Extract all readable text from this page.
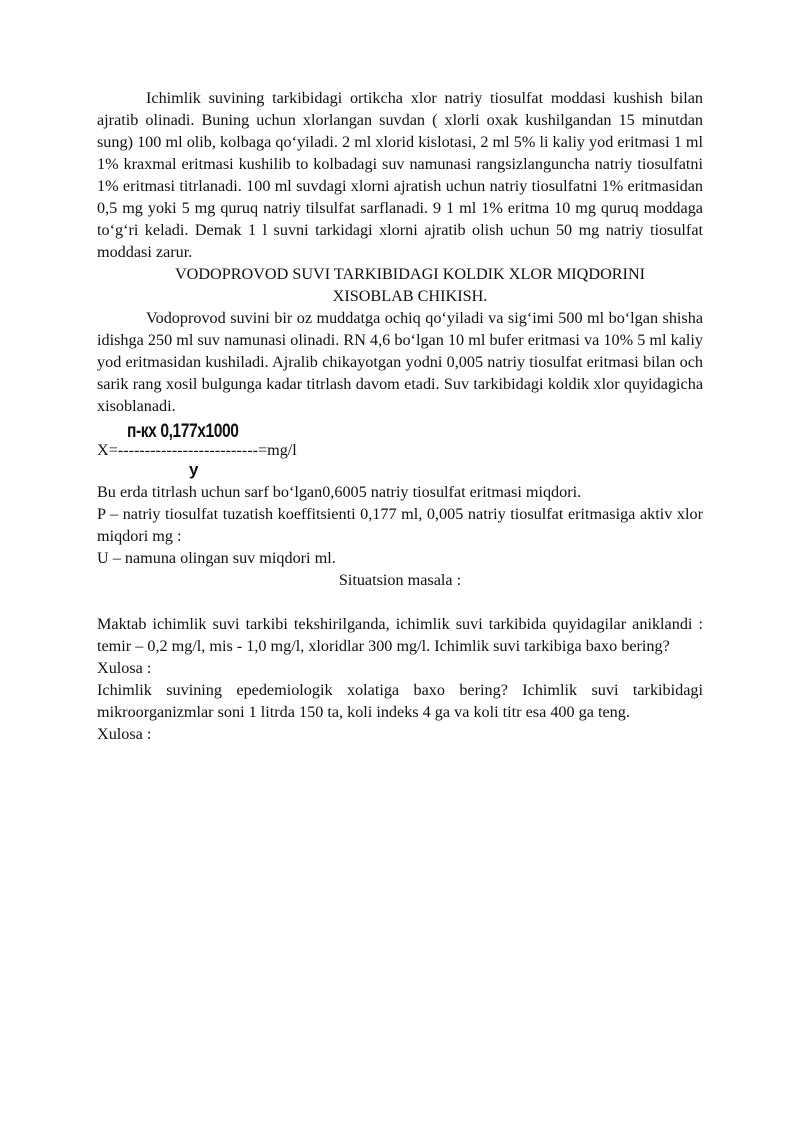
Ichimlik suvining tarkibidagi ortikcha xlor natriy tiosulfat moddasi kushish bilan ajratib olinadi. Buning uchun xlorlangan suvdan ( xlorli oxak kushilgandan 15 minutdan sung) 100 ml olib, kolbaga qo‘yiladi. 2 ml xlorid kislotasi, 2 ml 5% li kaliy yod eritmasi 1 ml 1% kraxmal eritmasi kushilib to kolbadagi suv namunasi rangsizlanguncha natriy tiosulfatni 1% eritmasi titrlanadi. 100 ml suvdagi xlorni ajratish uchun natriy tiosulfatni 1% eritmasidan 0,5 mg yoki 5 mg quruq natriy tilsulfat sarflanadi. 9 1 ml 1% eritma 10 mg quruq moddaga to‘g‘ri keladi. Demak 1 l suvni tarkidagi xlorni ajratib olish uchun 50 mg natriy tiosulfat moddasi zarur.

VODOPROVOD SUVI TARKIBIDAGI KOLDIK XLOR MIQDORINI

XISOBLAB CHIKISH.

Vodoprovod suvini bir oz muddatga ochiq qo‘yiladi va sig‘imi 500 ml bo‘lgan shisha idishga 250 ml suv namunasi olinadi. RN 4,6 bo‘lgan 10 ml bufer eritmasi va 10% 5 ml kaliy yod eritmasidan kushiladi. Ajralib chikayotgan yodni 0,005 natriy tiosulfat eritmasi bilan och sarik rang xosil bulgunga kadar titrlash davom etadi. Suv tarkibidagi koldik xlor quyidagicha xisoblanadi.

п-кх 0,177х1000
X=--------------------------=mg/l
у

Bu erda titrlash uchun sarf bo‘lgan0,6005 natriy tiosulfat eritmasi miqdori.

P – natriy tiosulfat tuzatish koeffitsienti 0,177 ml, 0,005 natriy tiosulfat eritmasiga aktiv xlor miqdori mg :

U – namuna olingan suv miqdori ml.

Situatsion masala :

Maktab ichimlik suvi tarkibi tekshirilganda, ichimlik suvi tarkibida quyidagilar aniklandi : temir – 0,2 mg/l, mis - 1,0 mg/l, xloridlar 300 mg/l. Ichimlik suvi tarkibiga baxo bering?

Xulosa :

Ichimlik suvining epedemiologik xolatiga baxo bering? Ichimlik suvi tarkibidagi mikroorganizmlar soni 1 litrda 150 ta, koli indeks 4 ga va koli titr esa 400 ga teng.

Xulosa :
